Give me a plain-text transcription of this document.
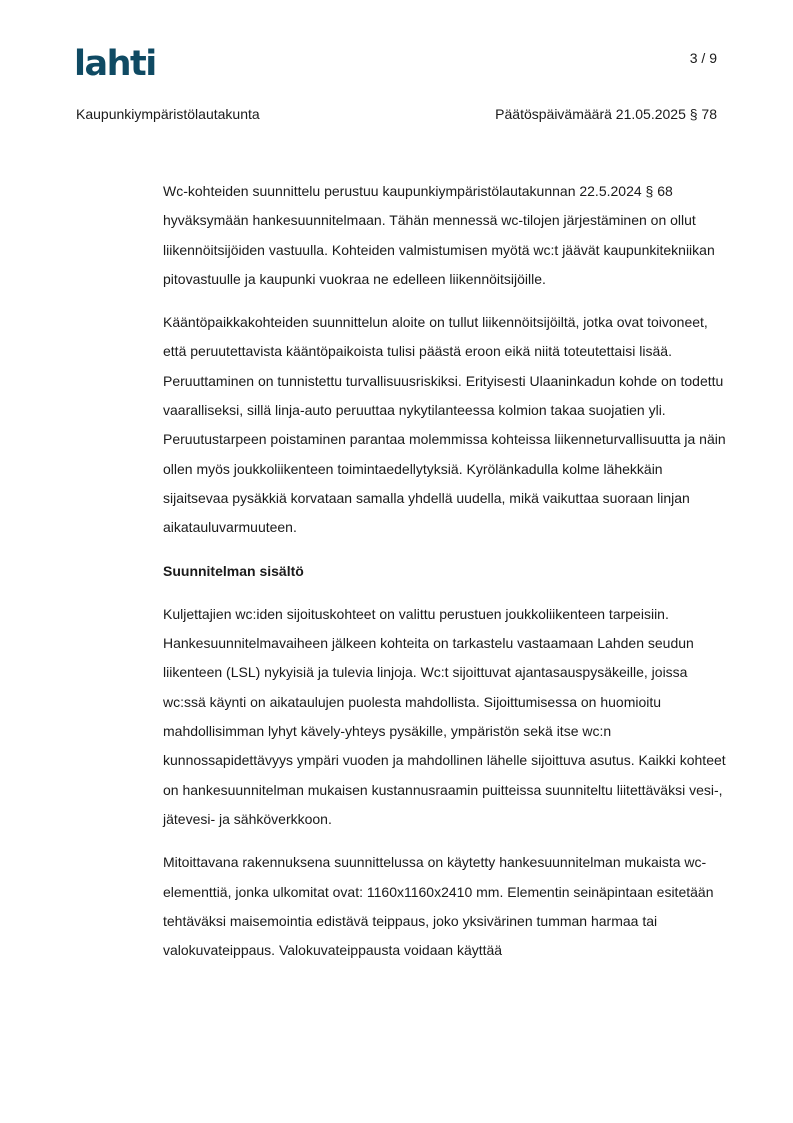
lahti	3 / 9
Kaupunkiympäristölautakunta	Päätöspäivämäärä 21.05.2025 § 78

Wc-kohteiden suunnittelu perustuu kaupunkiympäristölautakunnan 22.5.2024 § 68 hyväksymään hankesuunnitelmaan. Tähän mennessä wc-tilojen järjestäminen on ollut liikennöitsijöiden vastuulla. Kohteiden valmistumisen myötä wc:t jäävät kaupunkitekniikan pitovastuulle ja kaupunki vuokraa ne edelleen liikennöitsijöille.

Kääntöpaikkakohteiden suunnittelun aloite on tullut liikennöitsijöiltä, jotka ovat toivoneet, että peruutettavista kääntöpaikoista tulisi päästä eroon eikä niitä toteutettaisi lisää. Peruuttaminen on tunnistettu turvallisuusriskiksi. Erityisesti Ulaaninkadun kohde on todettu vaaralliseksi, sillä linja-auto peruuttaa nykytilanteessa kolmion takaa suojatien yli. Peruutustarpeen poistaminen parantaa molemmissa kohteissa liikenneturvallisuutta ja näin ollen myös joukkoliikenteen toimintaedellytyksiä. Kyrölänkadulla kolme lähekkäin sijaitsevaa pysäkkiä korvataan samalla yhdellä uudella, mikä vaikuttaa suoraan linjan aikatauluvarmuuteen.

Suunnitelman sisältö

Kuljettajien wc:iden sijoituskohteet on valittu perustuen joukkoliikenteen tarpeisiin. Hankesuunnitelmavaiheen jälkeen kohteita on tarkastelu vastaamaan Lahden seudun liikenteen (LSL) nykyisiä ja tulevia linjoja. Wc:t sijoittuvat ajantasauspysäkeille, joissa wc:ssä käynti on aikataulujen puolesta mahdollista. Sijoittumisessa on huomioitu mahdollisimman lyhyt kävely-yhteys pysäkille, ympäristön sekä itse wc:n kunnossapidettävyys ympäri vuoden ja mahdollinen lähelle sijoittuva asutus. Kaikki kohteet on hankesuunnitelman mukaisen kustannusraamin puitteissa suunniteltu liitettäväksi vesi-, jätevesi- ja sähköverkkoon.

Mitoittavana rakennuksena suunnittelussa on käytetty hankesuunnitelman mukaista wc-elementtiä, jonka ulkomitat ovat: 1160x1160x2410 mm. Elementin seinäpintaan esitetään tehtäväksi maisemointia edistävä teippaus, joko yksivärinen tumman harmaa tai valokuvateippaus. Valokuvateippausta voidaan käyttää
